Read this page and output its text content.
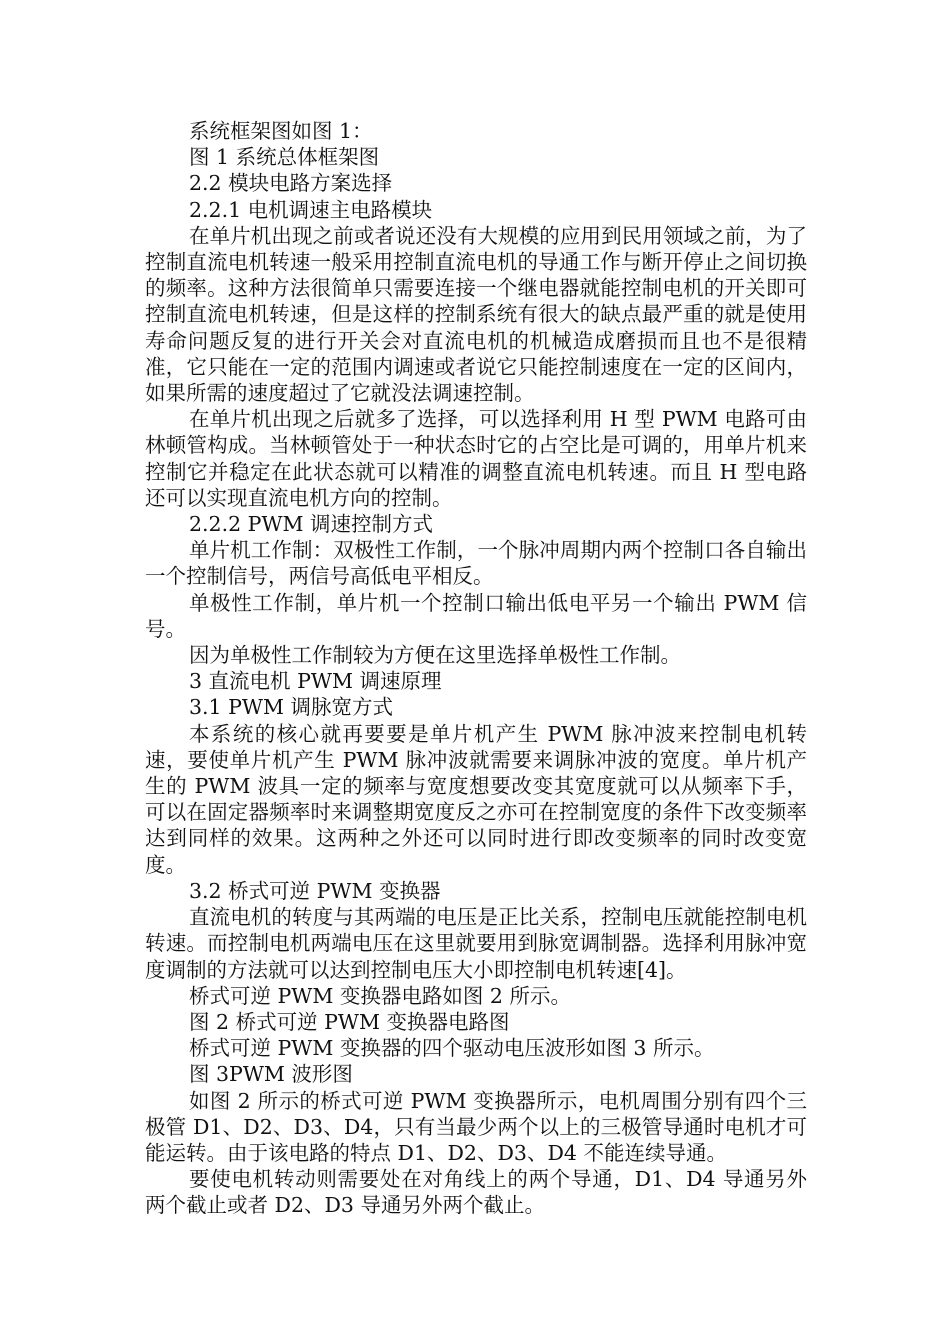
系统框架图如图 1：

图 1 系统总体框架图

2.2 模块电路方案选择

2.2.1 电机调速主电路模块

在单片机出现之前或者说还没有大规模的应用到民用领域之前，为了控制直流电机转速一般采用控制直流电机的导通工作与断开停止之间切换的频率。这种方法很简单只需要连接一个继电器就能控制电机的开关即可控制直流电机转速，但是这样的控制系统有很大的缺点最严重的就是使用寿命问题反复的进行开关会对直流电机的机械造成磨损而且也不是很精准，它只能在一定的范围内调速或者说它只能控制速度在一定的区间内，如果所需的速度超过了它就没法调速控制。

在单片机出现之后就多了选择，可以选择利用 H 型 PWM 电路可由林顿管构成。当林顿管处于一种状态时它的占空比是可调的，用单片机来控制它并稳定在此状态就可以精准的调整直流电机转速。而且 H 型电路还可以实现直流电机方向的控制。

2.2.2 PWM 调速控制方式

单片机工作制：双极性工作制，一个脉冲周期内两个控制口各自输出一个控制信号，两信号高低电平相反。

单极性工作制，单片机一个控制口输出低电平另一个输出 PWM 信号。

因为单极性工作制较为方便在这里选择单极性工作制。

3 直流电机 PWM 调速原理

3.1 PWM 调脉宽方式

本系统的核心就再要要是单片机产生 PWM 脉冲波来控制电机转速，要使单片机产生 PWM 脉冲波就需要来调脉冲波的宽度。单片机产生的 PWM 波具一定的频率与宽度想要改变其宽度就可以从频率下手，可以在固定器频率时来调整期宽度反之亦可在控制宽度的条件下改变频率达到同样的效果。这两种之外还可以同时进行即改变频率的同时改变宽度。

3.2 桥式可逆 PWM 变换器

直流电机的转度与其两端的电压是正比关系，控制电压就能控制电机转速。而控制电机两端电压在这里就要用到脉宽调制器。选择利用脉冲宽度调制的方法就可以达到控制电压大小即控制电机转速[4]。

桥式可逆 PWM 变换器电路如图 2 所示。

图 2 桥式可逆 PWM 变换器电路图

桥式可逆 PWM 变换器的四个驱动电压波形如图 3 所示。

图 3PWM 波形图

如图 2 所示的桥式可逆 PWM 变换器所示，电机周围分别有四个三极管 D1、D2、D3、D4，只有当最少两个以上的三极管导通时电机才可能运转。由于该电路的特点 D1、D2、D3、D4 不能连续导通。

要使电机转动则需要处在对角线上的两个导通，D1、D4 导通另外两个截止或者 D2、D3 导通另外两个截止。
